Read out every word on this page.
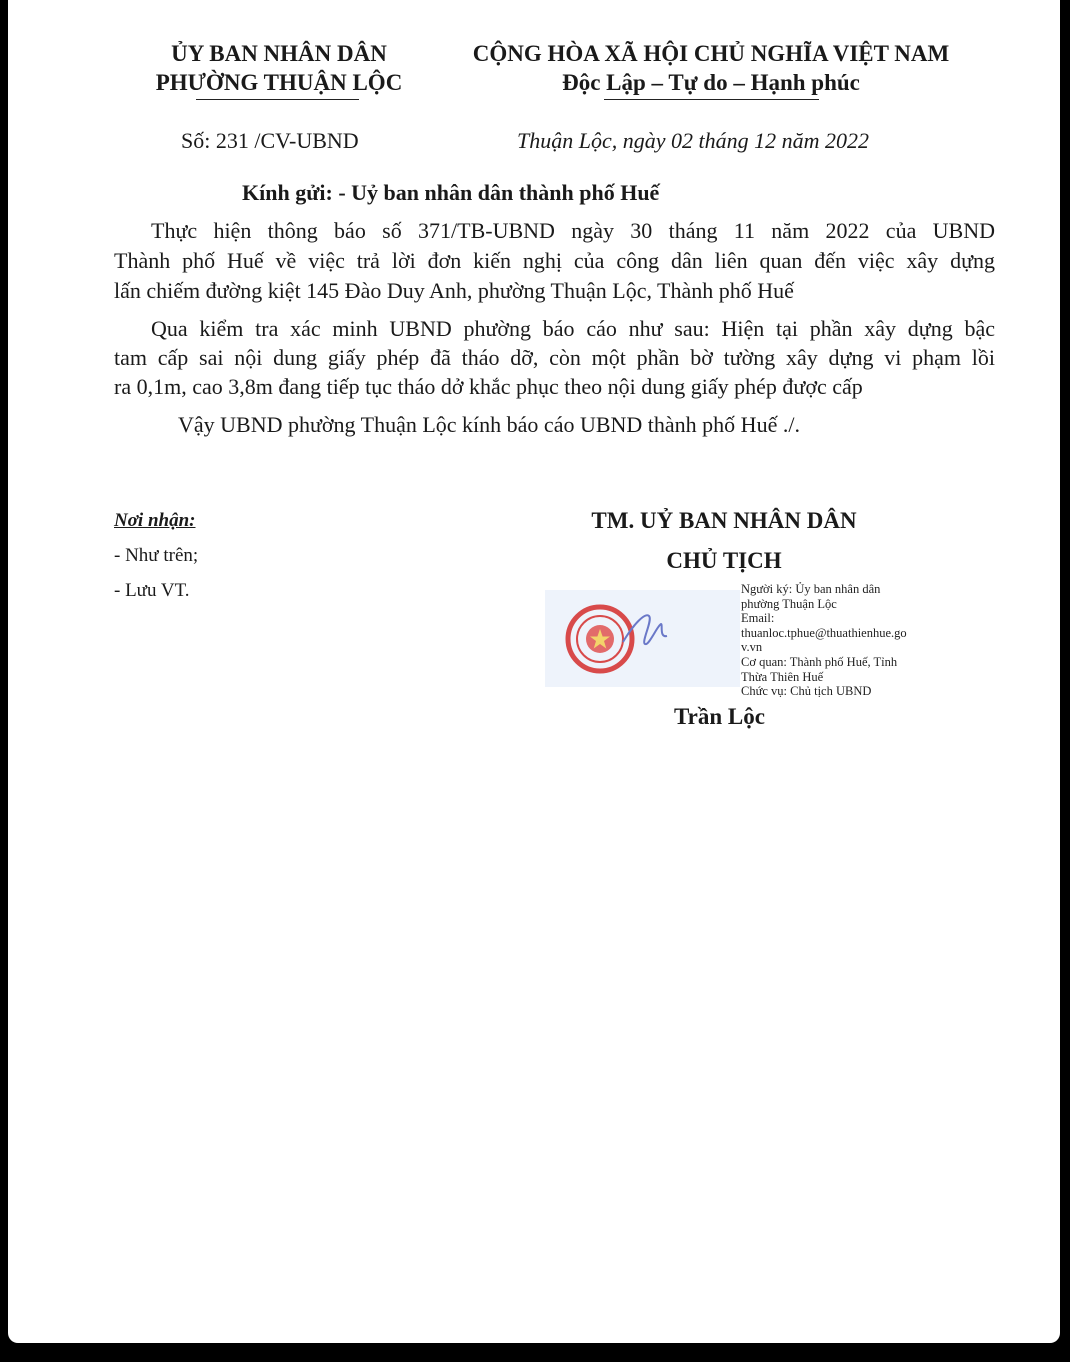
ỦY BAN NHÂN DÂN
PHƯỜNG THUẬN LỘC
CỘNG HÒA XÃ HỘI CHỦ NGHĨA VIỆT NAM
Độc Lập – Tự do – Hạnh phúc
Số: 231 /CV-UBND	Thuận Lộc, ngày 02 tháng 12 năm 2022
Kính gửi: - Uỷ ban nhân dân thành phố Huế
Thực hiện thông báo số 371/TB-UBND ngày 30 tháng 11 năm 2022 của UBND
Thành phố Huế về việc trả lời đơn kiến nghị của công dân liên quan đến việc xây dựng
lấn chiếm đường kiệt 145 Đào Duy Anh, phường Thuận Lộc, Thành phố Huế
Qua kiểm tra xác minh UBND phường báo cáo như sau: Hiện tại phần xây dựng bậc
tam cấp sai nội dung giấy phép đã tháo dỡ, còn một phần bờ tường xây dựng vi phạm lồi
ra 0,1m, cao 3,8m đang tiếp tục tháo dở khắc phục theo nội dung giấy phép được cấp
Vậy UBND phường Thuận Lộc kính báo cáo UBND thành phố Huế ./.
Nơi nhận:
- Như trên;
- Lưu VT.
TM. UỶ BAN NHÂN DÂN
CHỦ TỊCH
Người ký: Ủy ban nhân dân
phường Thuận Lộc
Email:
thuanloc.tphue@thuathienhue.go
v.vn
Cơ quan: Thành phố Huế, Tỉnh
Thừa Thiên Huế
Chức vụ: Chủ tịch UBND
Trần Lộc
